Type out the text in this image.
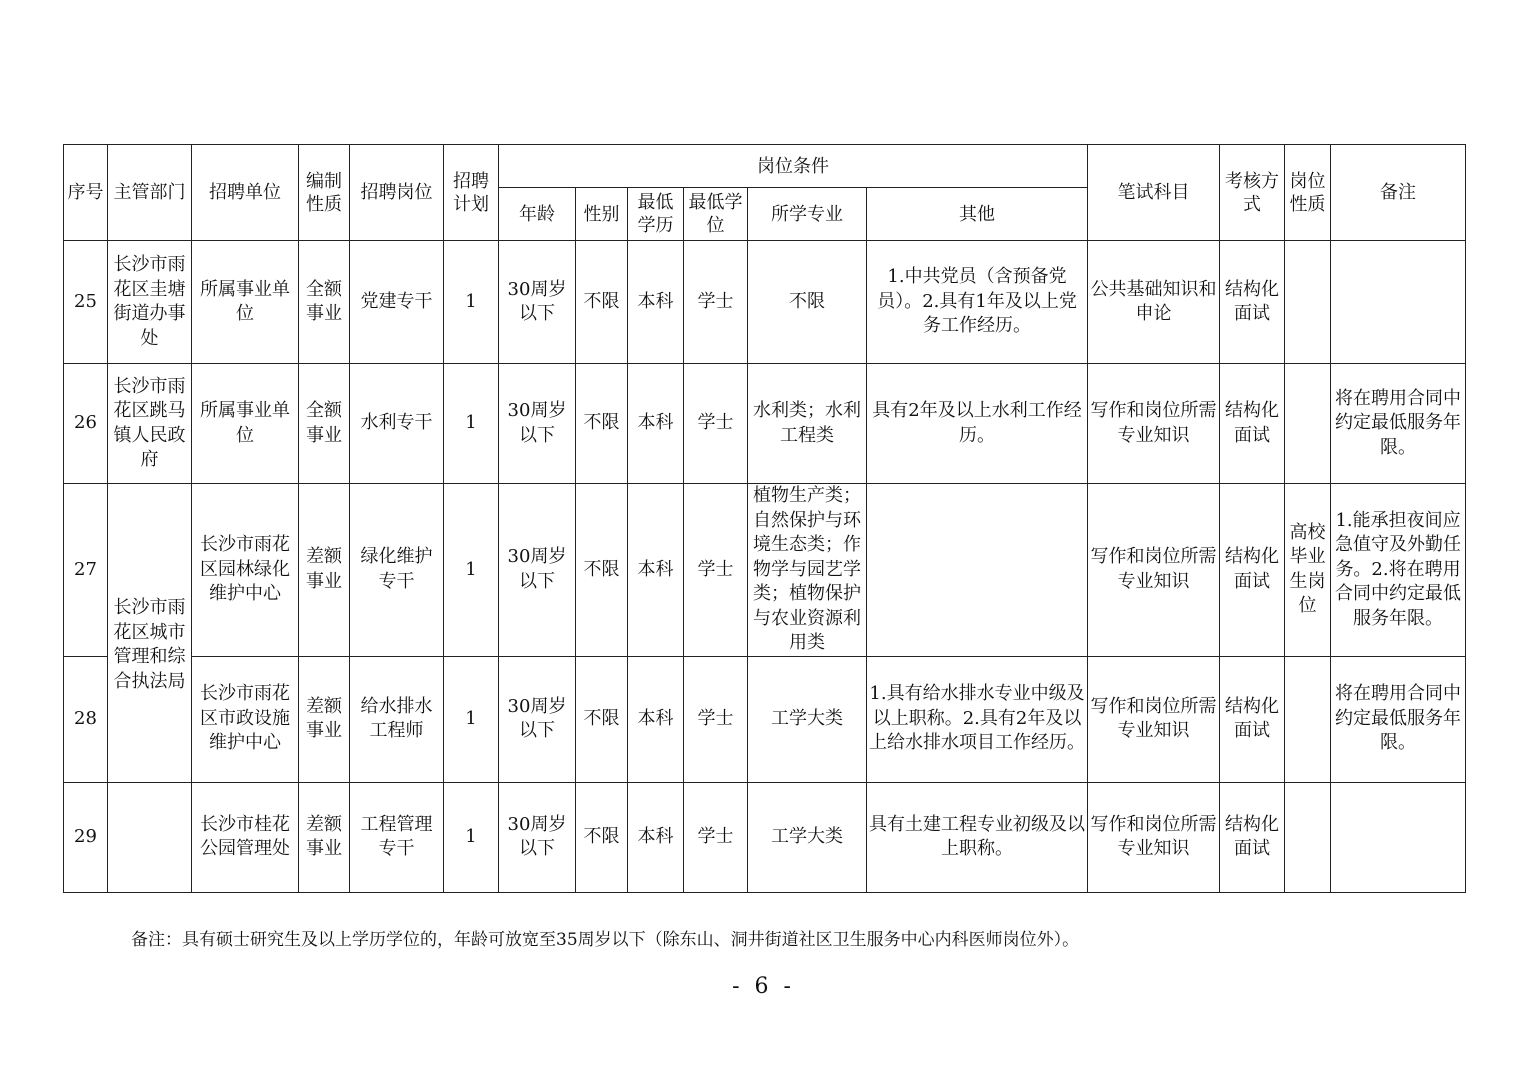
序号	主管部门	招聘单位	编制性质	招聘岗位	招聘计划	岗位条件						笔试科目	考核方式	岗位性质	备注
						年龄	性别	最低学历	最低学位	所学专业	其他				
25	长沙市雨花区圭塘街道办事处	所属事业单位	全额事业	党建专干	1	30周岁以下	不限	本科	学士	不限	1.中共党员（含预备党员）。2.具有1年及以上党务工作经历。	公共基础知识和申论	结构化面试		
26	长沙市雨花区跳马镇人民政府	所属事业单位	全额事业	水利专干	1	30周岁以下	不限	本科	学士	水利类；水利工程类	具有2年及以上水利工作经历。	写作和岗位所需专业知识	结构化面试		将在聘用合同中约定最低服务年限。
27	长沙市雨花区城市管理和综合执法局	长沙市雨花区园林绿化维护中心	差额事业	绿化维护专干	1	30周岁以下	不限	本科	学士	植物生产类；自然保护与环境生态类；作物学与园艺学类；植物保护与农业资源利用类		写作和岗位所需专业知识	结构化面试	高校毕业生岗位	1.能承担夜间应急值守及外勤任务。2.将在聘用合同中约定最低服务年限。
28		长沙市雨花区市政设施维护中心	差额事业	给水排水工程师	1	30周岁以下	不限	本科	学士	工学大类	1.具有给水排水专业中级及以上职称。2.具有2年及以上给水排水项目工作经历。	写作和岗位所需专业知识	结构化面试		将在聘用合同中约定最低服务年限。
29		长沙市桂花公园管理处	差额事业	工程管理专干	1	30周岁以下	不限	本科	学士	工学大类	具有土建工程专业初级及以上职称。	写作和岗位所需专业知识	结构化面试		
备注：具有硕士研究生及以上学历学位的，年龄可放宽至35周岁以下（除东山、洞井街道社区卫生服务中心内科医师岗位外）。
- 6 -
